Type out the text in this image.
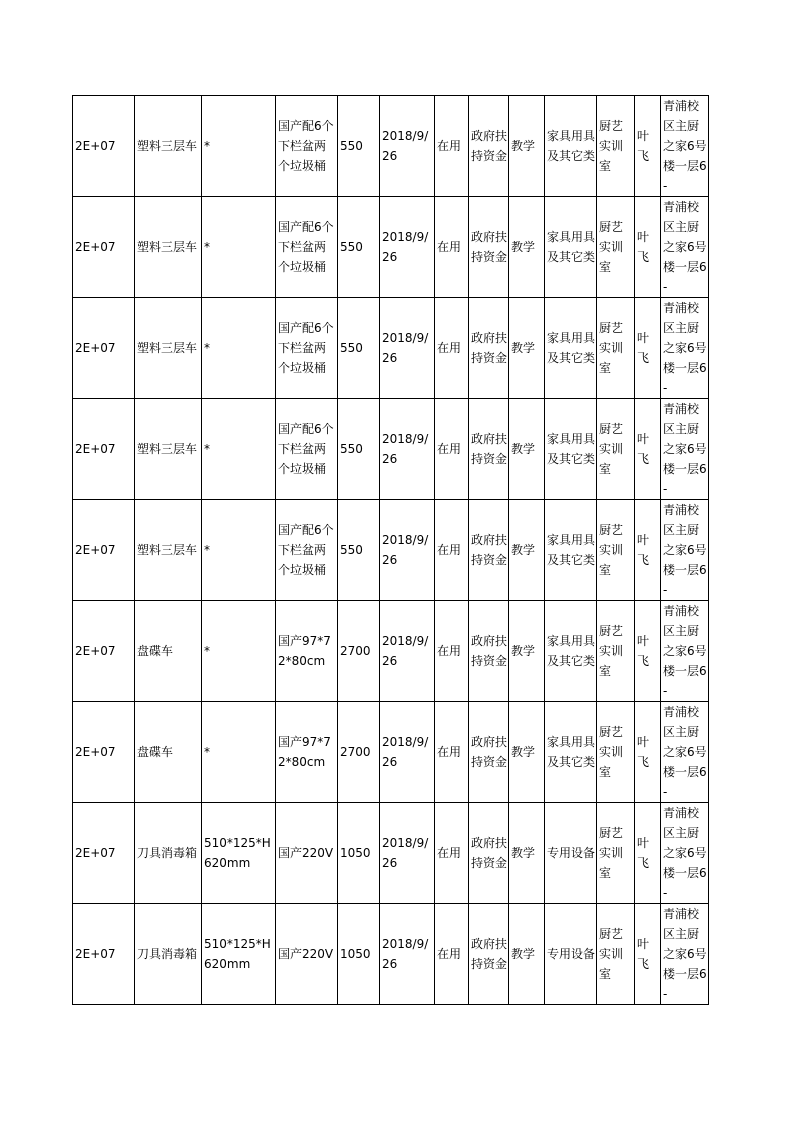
2E+07	塑料三层车	*	国产配6个下栏盆两个垃圾桶	550	2018/9/26	在用	政府扶持资金	教学	家具用具及其它类	厨艺实训室	叶飞	青浦校区主厨之家6号楼一层6-

2E+07	塑料三层车	*	国产配6个下栏盆两个垃圾桶	550	2018/9/26	在用	政府扶持资金	教学	家具用具及其它类	厨艺实训室	叶飞	青浦校区主厨之家6号楼一层6-

2E+07	塑料三层车	*	国产配6个下栏盆两个垃圾桶	550	2018/9/26	在用	政府扶持资金	教学	家具用具及其它类	厨艺实训室	叶飞	青浦校区主厨之家6号楼一层6-

2E+07	塑料三层车	*	国产配6个下栏盆两个垃圾桶	550	2018/9/26	在用	政府扶持资金	教学	家具用具及其它类	厨艺实训室	叶飞	青浦校区主厨之家6号楼一层6-

2E+07	塑料三层车	*	国产配6个下栏盆两个垃圾桶	550	2018/9/26	在用	政府扶持资金	教学	家具用具及其它类	厨艺实训室	叶飞	青浦校区主厨之家6号楼一层6-

2E+07	盘碟车	*	国产97*72*80cm	2700	2018/9/26	在用	政府扶持资金	教学	家具用具及其它类	厨艺实训室	叶飞	青浦校区主厨之家6号楼一层6-

2E+07	盘碟车	*	国产97*72*80cm	2700	2018/9/26	在用	政府扶持资金	教学	家具用具及其它类	厨艺实训室	叶飞	青浦校区主厨之家6号楼一层6-

2E+07	刀具消毒箱	510*125*H620mm	国产220V	1050	2018/9/26	在用	政府扶持资金	教学	专用设备	厨艺实训室	叶飞	青浦校区主厨之家6号楼一层6-

2E+07	刀具消毒箱	510*125*H620mm	国产220V	1050	2018/9/26	在用	政府扶持资金	教学	专用设备	厨艺实训室	叶飞	青浦校区主厨之家6号楼一层6-
